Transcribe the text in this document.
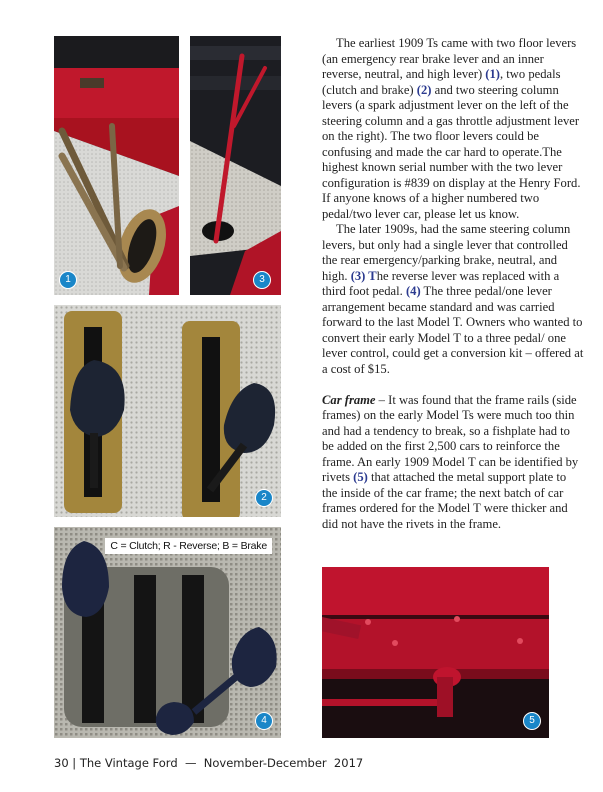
1	3
2
C = Clutch; R - Reverse; B = Brake
4	5

The earliest 1909 Ts came with two floor levers (an emergency rear brake lever and an inner reverse, neutral, and high lever) (1), two pedals (clutch and brake) (2) and two steering column levers (a spark adjustment lever on the left of the steering column and a gas throttle adjustment lever on the right). The two floor levers could be confusing and made the car hard to operate.The highest known serial number with the two lever configuration is #839 on display at the Henry Ford. If anyone knows of a higher numbered two pedal/two lever car, please let us know.

The later 1909s, had the same steering column levers, but only had a single lever that controlled the rear emergency/parking brake, neutral, and high. (3) The reverse lever was replaced with a third foot pedal. (4) The three pedal/one lever arrangement became standard and was carried forward to the last Model T. Owners who wanted to convert their early Model T to a three pedal/ one lever control, could get a conversion kit – offered at a cost of $15.

Car frame – It was found that the frame rails (side frames) on the early Model Ts were much too thin and had a tendency to break, so a fishplate had to be added on the first 2,500 cars to reinforce the frame. An early 1909 Model T can be identified by rivets (5) that attached the metal support plate to the inside of the car frame; the next batch of car frames ordered for the Model T were thicker and did not have the rivets in the frame.

30 | The Vintage Ford — November-December  2017
